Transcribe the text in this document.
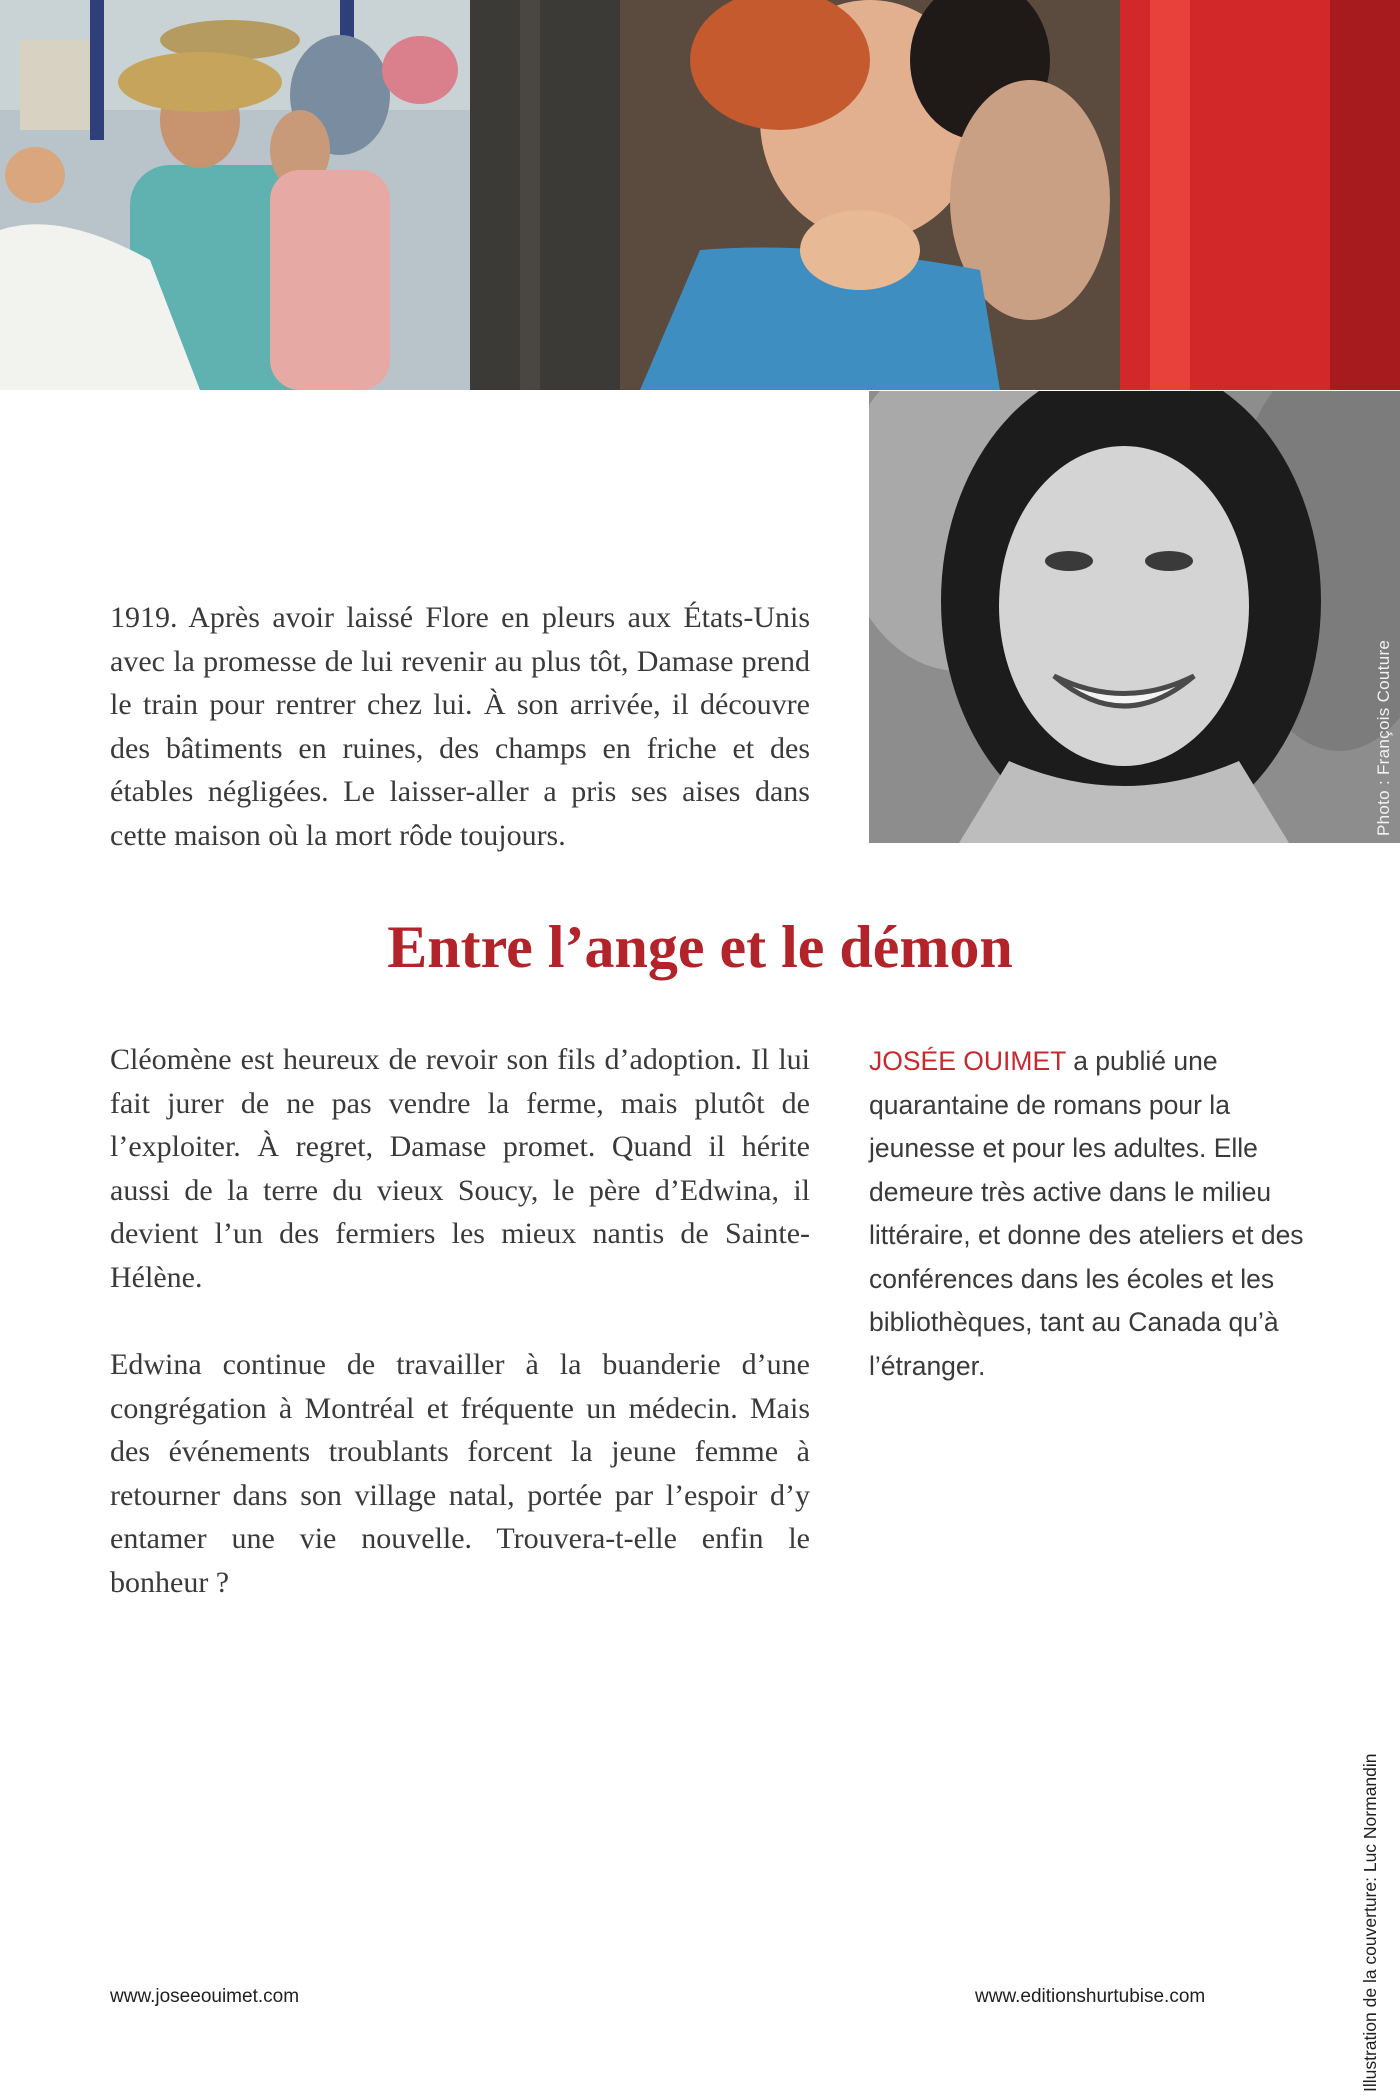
Photo : François Couture
1919. Après avoir laissé Flore en pleurs aux États-Unis avec la promesse de lui revenir au plus tôt, Damase prend le train pour rentrer chez lui. À son arrivée, il découvre des bâtiments en ruines, des champs en friche et des étables négligées. Le laisser-aller a pris ses aises dans cette maison où la mort rôde toujours.
Entre l’ange et le démon

Cléomène est heureux de revoir son fils d’adoption. Il lui fait jurer de ne pas vendre la ferme, mais plutôt de l’exploiter. À regret, Damase promet. Quand il hérite aussi de la terre du vieux Soucy, le père d’Edwina, il devient l’un des fermiers les mieux nantis de Sainte-Hélène.

Edwina continue de travailler à la buanderie d’une congrégation à Montréal et fréquente un médecin. Mais des événements troublants forcent la jeune femme à retourner dans son village natal, portée par l’espoir d’y entamer une vie nouvelle. Trouvera-t-elle enfin le bonheur ?

JOSÉE OUIMET a publié une quarantaine de romans pour la jeunesse et pour les adultes. Elle demeure très active dans le milieu littéraire, et donne des ateliers et des conférences dans les écoles et les bibliothèques, tant au Canada qu’à l’étranger.
Illustration de la couverture: Luc Normandin
www.joseeouimet.com	www.editionshurtubise.com
